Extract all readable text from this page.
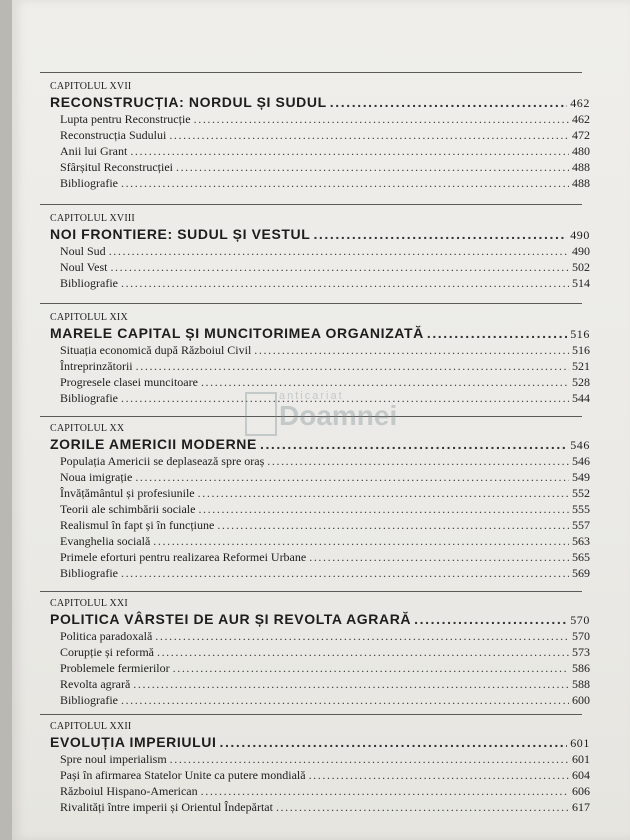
CAPITOLUL XVII
RECONSTRUCȚIA: NORDUL ȘI SUDUL .....	462
Lupta pentru Reconstrucție .....	462
Reconstrucția Sudului .....	472
Anii lui Grant .....	480
Sfârșitul Reconstrucției .....	488
Bibliografie .....	488
CAPITOLUL XVIII
NOI FRONTIERE: SUDUL ȘI VESTUL .....	490
Noul Sud .....	490
Noul Vest .....	502
Bibliografie .....	514
CAPITOLUL XIX
MARELE CAPITAL ȘI MUNCITORIMEA ORGANIZATĂ .....	516
Situația economică după Războiul Civil .....	516
Întreprinzătorii .....	521
Progresele clasei muncitoare .....	528
Bibliografie .....	544
CAPITOLUL XX
ZORILE AMERICII MODERNE .....	546
Populația Americii se deplasează spre oraș .....	546
Noua imigrație .....	549
Învățământul și profesiunile .....	552
Teorii ale schimbării sociale .....	555
Realismul în fapt și în funcțiune .....	557
Evanghelia socială .....	563
Primele eforturi pentru realizarea Reformei Urbane .....	565
Bibliografie .....	569
CAPITOLUL XXI
POLITICA VÂRSTEI DE AUR ȘI REVOLTA AGRARĂ .....	570
Politica paradoxală .....	570
Corupție și reformă .....	573
Problemele fermierilor .....	586
Revolta agrară .....	588
Bibliografie .....	600
CAPITOLUL XXII
EVOLUȚIA IMPERIULUI .....	601
Spre noul imperialism .....	601
Pași în afirmarea Statelor Unite ca putere mondială .....	604
Războiul Hispano-American .....	606
Rivalități între imperii și Orientul Îndepărtat .....	617
anticariat
Doamnei
